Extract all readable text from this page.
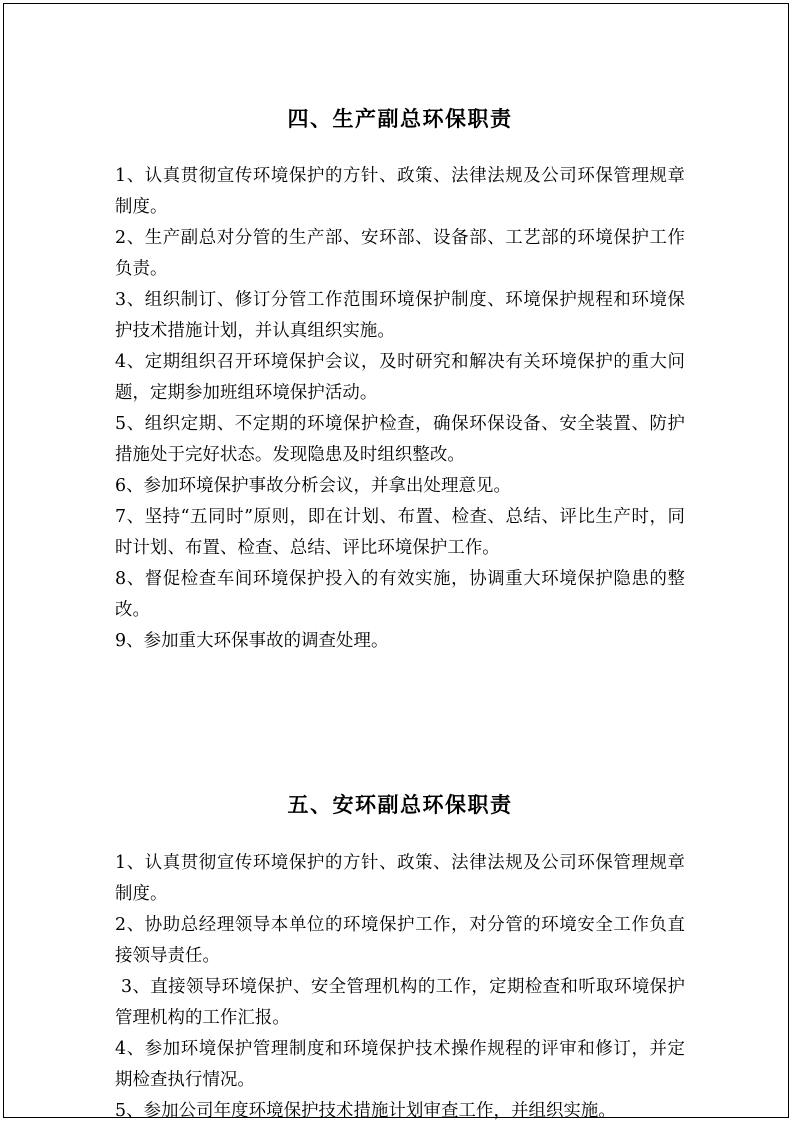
四、生产副总环保职责

1、认真贯彻宣传环境保护的方针、政策、法律法规及公司环保管理规章制度。

2、生产副总对分管的生产部、安环部、设备部、工艺部的环境保护工作负责。

3、组织制订、修订分管工作范围环境保护制度、环境保护规程和环境保护技术措施计划，并认真组织实施。

4、定期组织召开环境保护会议，及时研究和解决有关环境保护的重大问题，定期参加班组环境保护活动。

5、组织定期、不定期的环境保护检查，确保环保设备、安全装置、防护措施处于完好状态。发现隐患及时组织整改。

6、参加环境保护事故分析会议，并拿出处理意见。

7、坚持“五同时”原则，即在计划、布置、检查、总结、评比生产时，同时计划、布置、检查、总结、评比环境保护工作。

8、督促检查车间环境保护投入的有效实施，协调重大环境保护隐患的整改。

9、参加重大环保事故的调查处理。

五、安环副总环保职责

1、认真贯彻宣传环境保护的方针、政策、法律法规及公司环保管理规章制度。

2、协助总经理领导本单位的环境保护工作，对分管的环境安全工作负直接领导责任。

3、直接领导环境保护、安全管理机构的工作，定期检查和听取环境保护管理机构的工作汇报。

4、参加环境保护管理制度和环境保护技术操作规程的评审和修订，并定期检查执行情况。

5、参加公司年度环境保护技术措施计划审查工作，并组织实施。
